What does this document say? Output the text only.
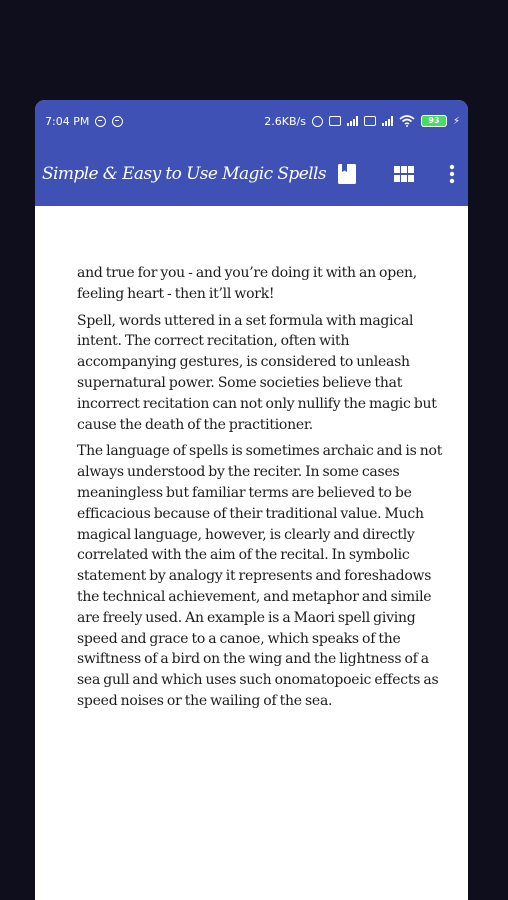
7:04 PM	2.6KB/s	93	⚡
Simple & Easy to Use Magic Spells

and true for you - and you’re doing it with an open, feeling heart - then it’ll work!

Spell, words uttered in a set formula with magical intent. The correct recitation, often with accompanying gestures, is considered to unleash supernatural power. Some societies believe that incorrect recitation can not only nullify the magic but cause the death of the practitioner.

The language of spells is sometimes archaic and is not always understood by the reciter. In some cases meaningless but familiar terms are believed to be efficacious because of their traditional value. Much magical language, however, is clearly and directly correlated with the aim of the recital. In symbolic statement by analogy it represents and foreshadows the technical achievement, and metaphor and simile are freely used. An example is a Maori spell giving speed and grace to a canoe, which speaks of the swiftness of a bird on the wing and the lightness of a sea gull and which uses such onomatopoeic effects as speed noises or the wailing of the sea.
